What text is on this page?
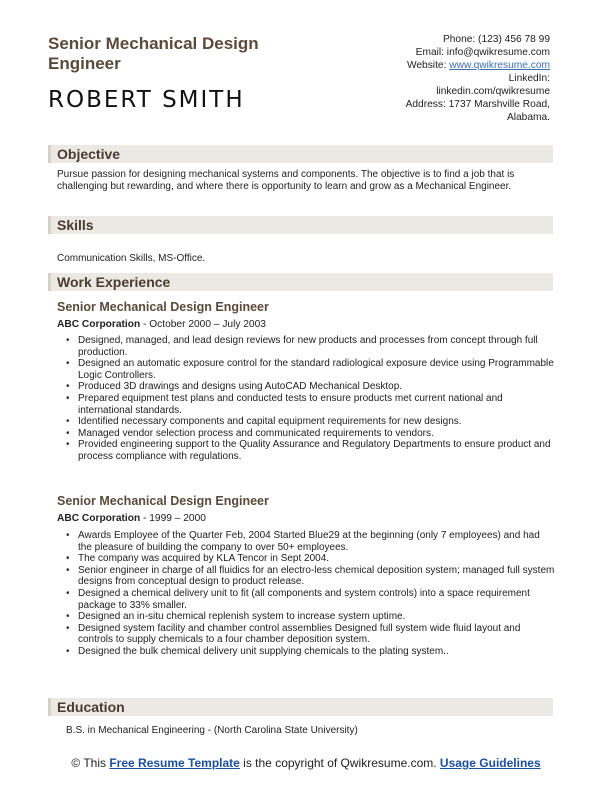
Senior Mechanical Design Engineer
ROBERT SMITH
Phone: (123) 456 78 99
Email: info@qwikresume.com
Website: www.qwikresume.com
LinkedIn:
linkedin.com/qwikresume
Address: 1737 Marshville Road,
Alabama.
Objective
Pursue passion for designing mechanical systems and components. The objective is to find a job that is challenging but rewarding, and where there is opportunity to learn and grow as a Mechanical Engineer.
Skills
Communication Skills, MS-Office.
Work Experience
Senior Mechanical Design Engineer
ABC Corporation - October 2000 – July 2003
• Designed, managed, and lead design reviews for new products and processes from concept through full production.
• Designed an automatic exposure control for the standard radiological exposure device using Programmable Logic Controllers.
• Produced 3D drawings and designs using AutoCAD Mechanical Desktop.
• Prepared equipment test plans and conducted tests to ensure products met current national and international standards.
• Identified necessary components and capital equipment requirements for new designs.
• Managed vendor selection process and communicated requirements to vendors.
• Provided engineering support to the Quality Assurance and Regulatory Departments to ensure product and process compliance with regulations.
Senior Mechanical Design Engineer
ABC Corporation - 1999 – 2000
• Awards Employee of the Quarter Feb, 2004 Started Blue29 at the beginning (only 7 employees) and had the pleasure of building the company to over 50+ employees.
• The company was acquired by KLA Tencor in Sept 2004.
• Senior engineer in charge of all fluidics for an electro-less chemical deposition system; managed full system designs from conceptual design to product release.
• Designed a chemical delivery unit to fit (all components and system controls) into a space requirement package to 33% smaller.
• Designed an in-situ chemical replenish system to increase system uptime.
• Designed system facility and chamber control assemblies Designed full system wide fluid layout and controls to supply chemicals to a four chamber deposition system.
• Designed the bulk chemical delivery unit supplying chemicals to the plating system..
Education
B.S. in Mechanical Engineering - (North Carolina State University)
© This Free Resume Template is the copyright of Qwikresume.com. Usage Guidelines
